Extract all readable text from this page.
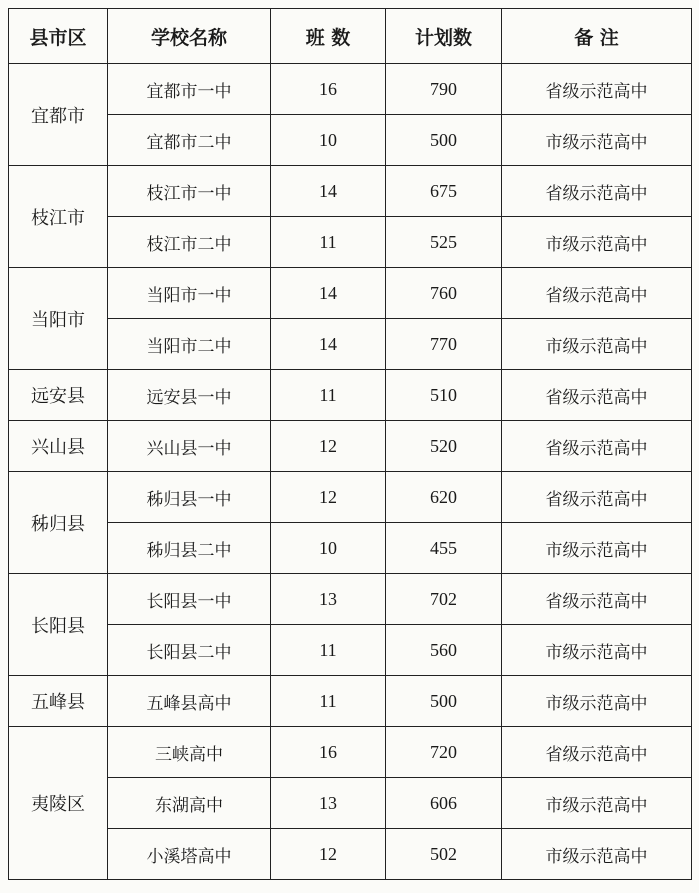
县市区	学校名称	班 数	计划数	备 注
宜都市	宜都市一中	16	790	省级示范高中
	宜都市二中	10	500	市级示范高中
枝江市	枝江市一中	14	675	省级示范高中
	枝江市二中	11	525	市级示范高中
当阳市	当阳市一中	14	760	省级示范高中
	当阳市二中	14	770	市级示范高中
远安县	远安县一中	11	510	省级示范高中
兴山县	兴山县一中	12	520	省级示范高中
秭归县	秭归县一中	12	620	省级示范高中
	秭归县二中	10	455	市级示范高中
长阳县	长阳县一中	13	702	省级示范高中
	长阳县二中	11	560	市级示范高中
五峰县	五峰县高中	11	500	市级示范高中
夷陵区	三峡高中	16	720	省级示范高中
	东湖高中	13	606	市级示范高中
	小溪塔高中	12	502	市级示范高中
